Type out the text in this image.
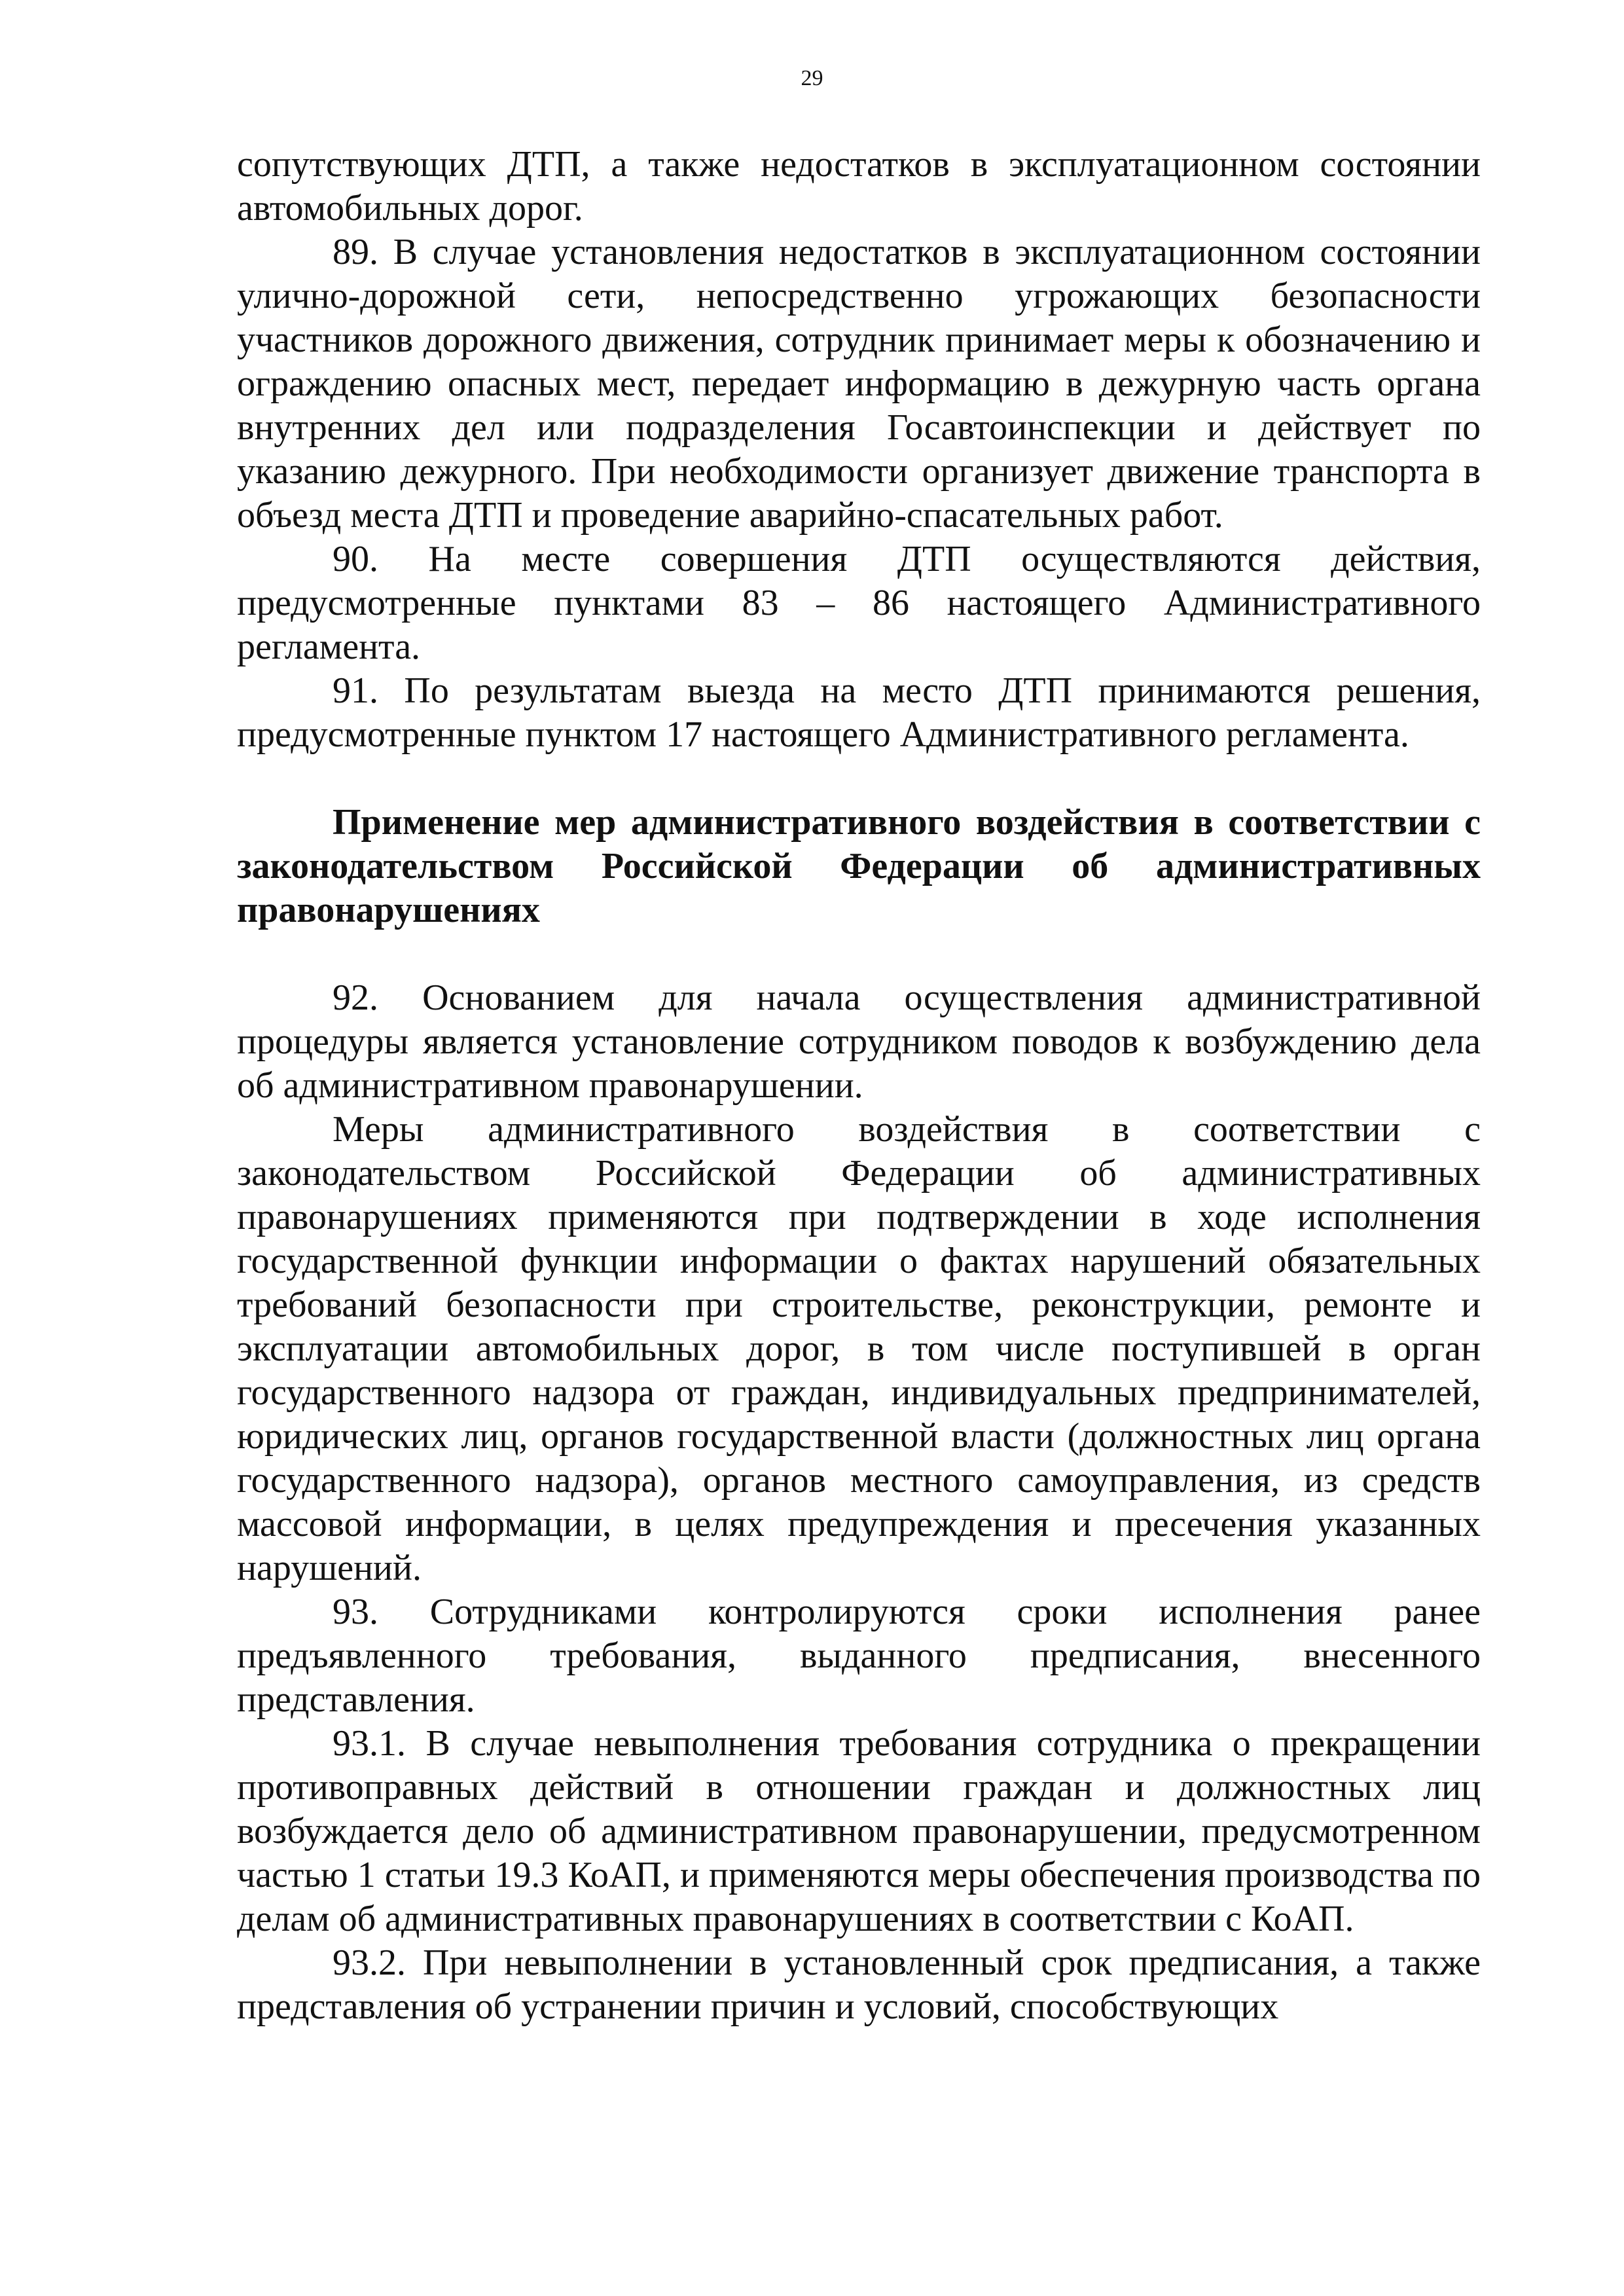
29

сопутствующих ДТП, а также недостатков в эксплуатационном состоянии автомобильных дорог.

89. В случае установления недостатков в эксплуатационном состоянии улично-дорожной сети, непосредственно угрожающих безопасности участников дорожного движения, сотрудник принимает меры к обозначению и ограждению опасных мест, передает информацию в дежурную часть органа внутренних дел или подразделения Госавтоинспекции и действует по указанию дежурного. При необходимости организует движение транспорта в объезд места ДТП и проведение аварийно-спасательных работ.

90. На месте совершения ДТП осуществляются действия, предусмотренные пунктами 83 – 86 настоящего Административного регламента.

91. По результатам выезда на место ДТП принимаются решения, предусмотренные пунктом 17 настоящего Административного регламента.

Применение мер административного воздействия в соответствии с законодательством Российской Федерации об административных правонарушениях

92. Основанием для начала осуществления административной процедуры является установление сотрудником поводов к возбуждению дела об административном правонарушении.

Меры административного воздействия в соответствии с законодательством Российской Федерации об административных правонарушениях применяются при подтверждении в ходе исполнения государственной функции информации о фактах нарушений обязательных требований безопасности при строительстве, реконструкции, ремонте и эксплуатации автомобильных дорог, в том числе поступившей в орган государственного надзора от граждан, индивидуальных предпринимателей, юридических лиц, органов государственной власти (должностных лиц органа государственного надзора), органов местного самоуправления, из средств массовой информации, в целях предупреждения и пресечения указанных нарушений.

93. Сотрудниками контролируются сроки исполнения ранее предъявленного требования, выданного предписания, внесенного представления.

93.1. В случае невыполнения требования сотрудника о прекращении противоправных действий в отношении граждан и должностных лиц возбуждается дело об административном правонарушении, предусмотренном частью 1 статьи 19.3 КоАП, и применяются меры обеспечения производства по делам об административных правонарушениях в соответствии с КоАП.

93.2. При невыполнении в установленный срок предписания, а также представления об устранении причин и условий, способствующих
